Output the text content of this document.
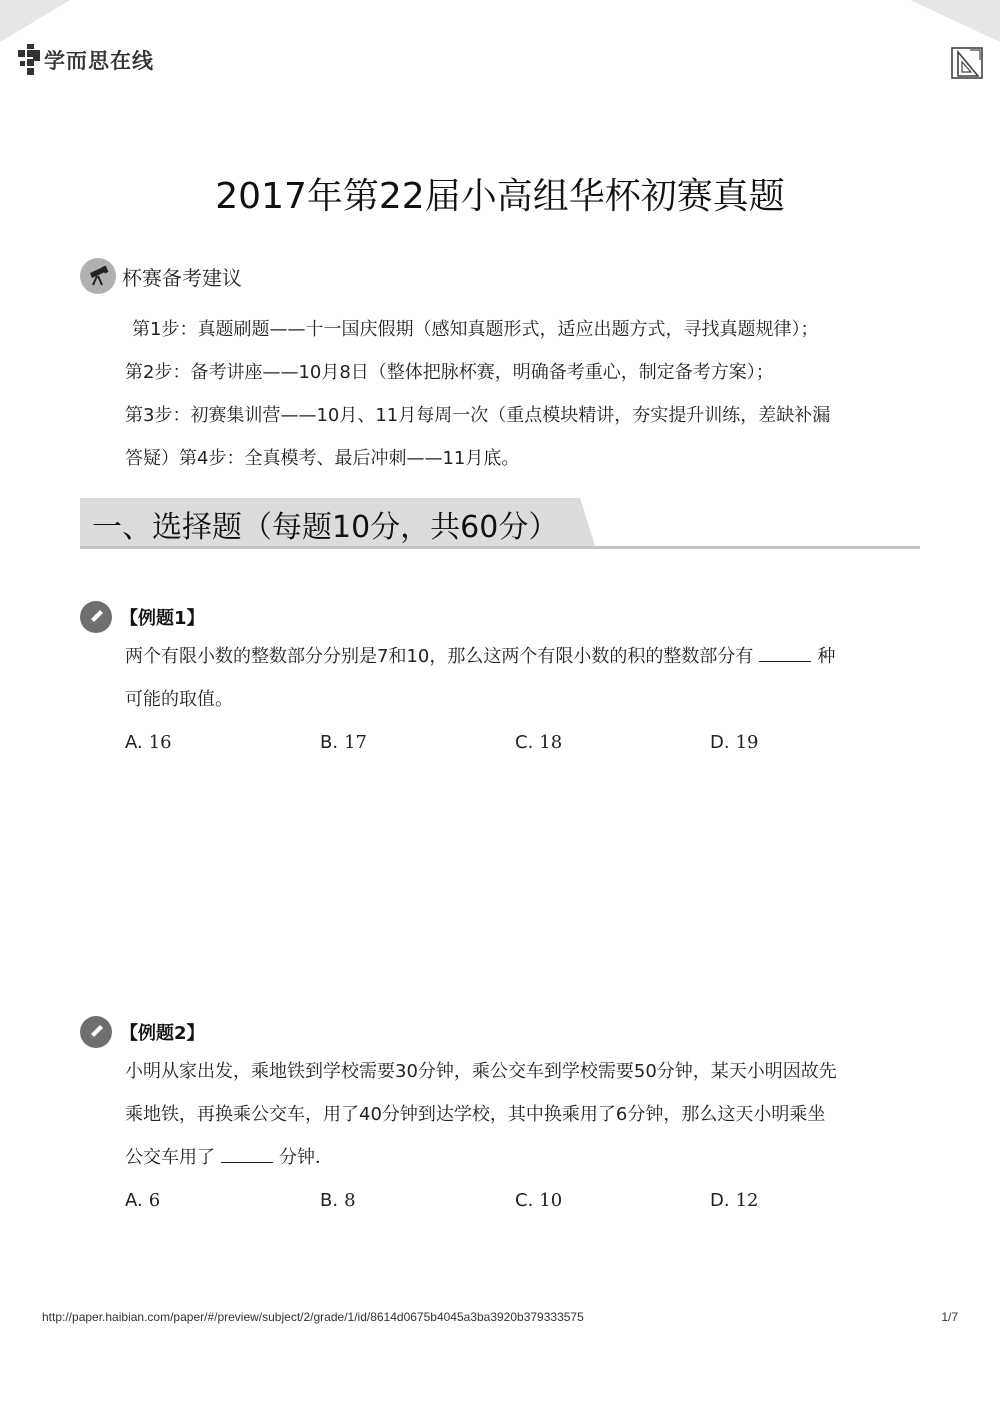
学而思在线
2017年第22届小高组华杯初赛真题
杯赛备考建议

第1步：真题刷题——十一国庆假期（感知真题形式，适应出题方式，寻找真题规律）；

第2步：备考讲座——10月8日（整体把脉杯赛，明确备考重心，制定备考方案）；

第3步：初赛集训营——10月、11月每周一次（重点模块精讲，夯实提升训练，差缺补漏

答疑）第4步：全真模考、最后冲刺——11月底。

一、选择题（每题10分，共60分）
【例题1】

两个有限小数的整数部分分别是7和10，那么这两个有限小数的积的整数部分有	种

可能的取值。

A. 16	B. 17	C. 18	D. 19
【例题2】

小明从家出发，乘地铁到学校需要30分钟，乘公交车到学校需要50分钟，某天小明因故先

乘地铁，再换乘公交车，用了40分钟到达学校，其中换乘用了6分钟，那么这天小明乘坐

公交车用了	分钟．

A. 6	B. 8	C. 10	D. 12
http://paper.haibian.com/paper/#/preview/subject/2/grade/1/id/8614d0675b4045a3ba3920b379333575	1/7
